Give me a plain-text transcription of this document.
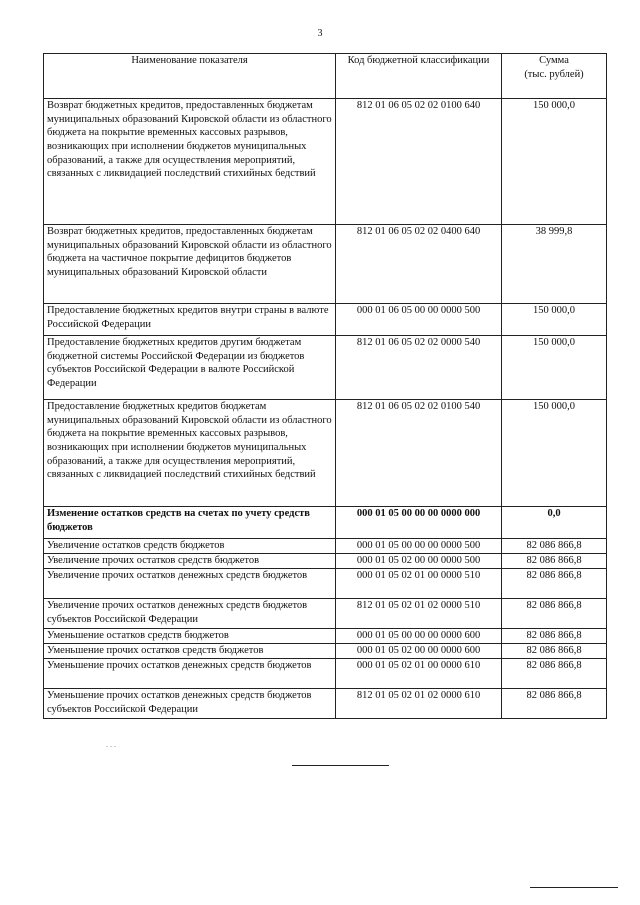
3
Наименование показателя	Код бюджетной классификации	Сумма
(тыс. рублей)

Возврат бюджетных кредитов, предоставленных бюджетам муниципальных образований Кировской области из областного бюджета на покрытие временных кассовых разрывов, возникающих при исполнении бюджетов муниципальных образований, а также для осуществления мероприятий, связанных с ликвидацией последствий стихийных бедствий	812 01 06 05 02 02 0100 640	150 000,0
Возврат бюджетных кредитов, предоставленных бюджетам муниципальных образований Кировской области из областного бюджета на частичное покрытие дефицитов бюджетов муниципальных образований Кировской области	812 01 06 05 02 02 0400 640	38 999,8
Предоставление бюджетных кредитов внутри страны в валюте Российской Федерации	000 01 06 05 00 00 0000 500	150 000,0
Предоставление бюджетных кредитов другим бюджетам бюджетной системы Российской Федерации из бюджетов субъектов Российской Федерации в валюте Российской Федерации	812 01 06 05 02 02 0000 540	150 000,0
Предоставление бюджетных кредитов бюджетам муниципальных образований Кировской области из областного бюджета на покрытие временных кассовых разрывов, возникающих при исполнении бюджетов муниципальных образований, а также для осуществления мероприятий, связанных с ликвидацией последствий стихийных бедствий	812 01 06 05 02 02 0100 540	150 000,0
Изменение остатков средств на счетах по учету средств бюджетов	000 01 05 00 00 00 0000 000	0,0
Увеличение остатков средств бюджетов	000 01 05 00 00 00 0000 500	82 086 866,8
Увеличение прочих остатков средств бюджетов	000 01 05 02 00 00 0000 500	82 086 866,8
Увеличение прочих остатков денежных средств бюджетов	000 01 05 02 01 00 0000 510	82 086 866,8
Увеличение прочих остатков денежных средств бюджетов субъектов Российской Федерации	812 01 05 02 01 02 0000 510	82 086 866,8
Уменьшение остатков средств бюджетов	000 01 05 00 00 00 0000 600	82 086 866,8
Уменьшение прочих остатков средств бюджетов	000 01 05 02 00 00 0000 600	82 086 866,8
Уменьшение прочих остатков денежных средств бюджетов	000 01 05 02 01 00 0000 610	82 086 866,8
Уменьшение прочих остатков денежных средств бюджетов субъектов Российской Федерации	812 01 05 02 01 02 0000 610	82 086 866,8
. . .
